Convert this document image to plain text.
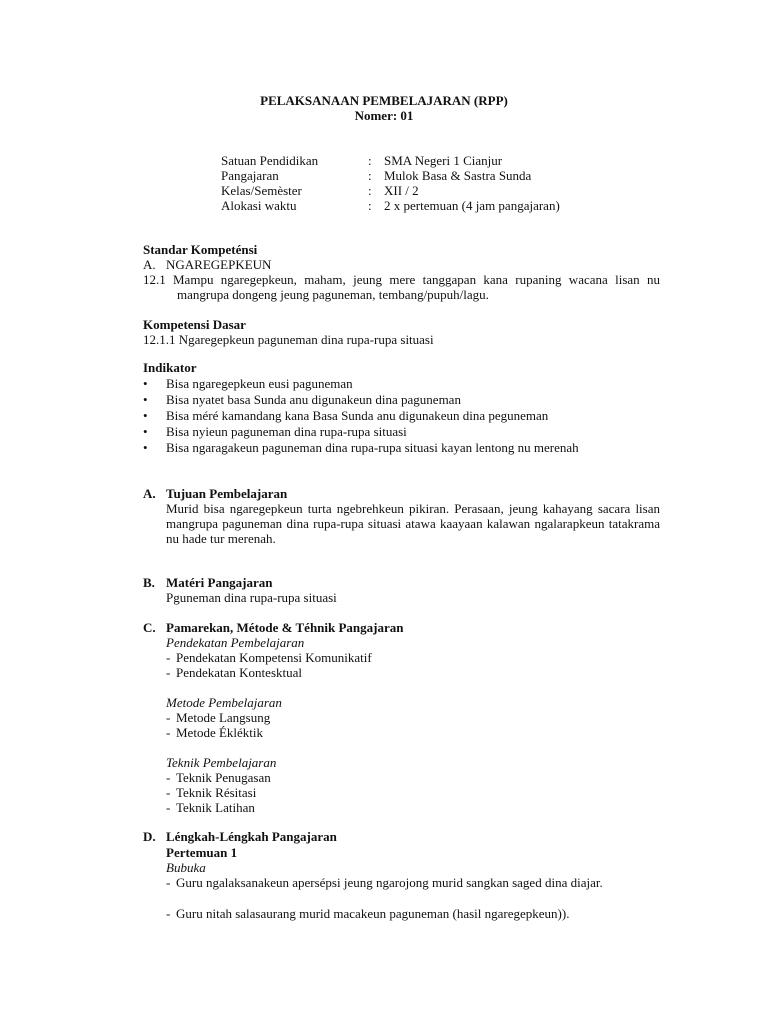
PELAKSANAAN PEMBELAJARAN (RPP)
Nomer: 01
Satuan Pendidikan	: SMA Negeri 1 Cianjur
Pangajaran	: Mulok Basa & Sastra Sunda
Kelas/Semèster	: XII / 2
Alokasi waktu	: 2 x pertemuan (4 jam pangajaran)
Standar Kompeténsi
A. NGAREGEPKEUN
12.1 Mampu ngaregepkeun, maham, jeung mere tanggapan kana rupaning wacana lisan nu mangrupa dongeng jeung paguneman, tembang/pupuh/lagu.
Kompetensi Dasar
12.1.1 Ngaregepkeun paguneman dina rupa-rupa situasi
Indikator
• Bisa ngaregepkeun eusi paguneman
• Bisa nyatet basa Sunda anu digunakeun dina paguneman
• Bisa méré kamandang kana Basa Sunda anu digunakeun dina peguneman
• Bisa nyieun paguneman dina rupa-rupa situasi
• Bisa ngaragakeun paguneman dina rupa-rupa situasi kayan lentong nu merenah
A. Tujuan Pembelajaran
Murid bisa ngaregepkeun turta ngebrehkeun pikiran. Perasaan, jeung kahayang sacara lisan mangrupa paguneman dina rupa-rupa situasi atawa kaayaan kalawan ngalarapkeun tatakrama nu hade tur merenah.
B. Matéri Pangajaran
Pguneman dina rupa-rupa situasi
C. Pamarekan, Métode & Téhnik Pangajaran
Pendekatan Pembelajaran
- Pendekatan Kompetensi Komunikatif
- Pendekatan Kontesktual
Metode Pembelajaran
- Metode Langsung
- Metode Ékléktik
Teknik Pembelajaran
- Teknik Penugasan
- Teknik Résitasi
- Teknik Latihan
D. Léngkah-Léngkah Pangajaran
Pertemuan 1
Bubuka
- Guru ngalaksanakeun apersépsi jeung ngarojong murid sangkan saged dina diajar.
- Guru nitah salasaurang murid macakeun paguneman (hasil ngaregepkeun)).
